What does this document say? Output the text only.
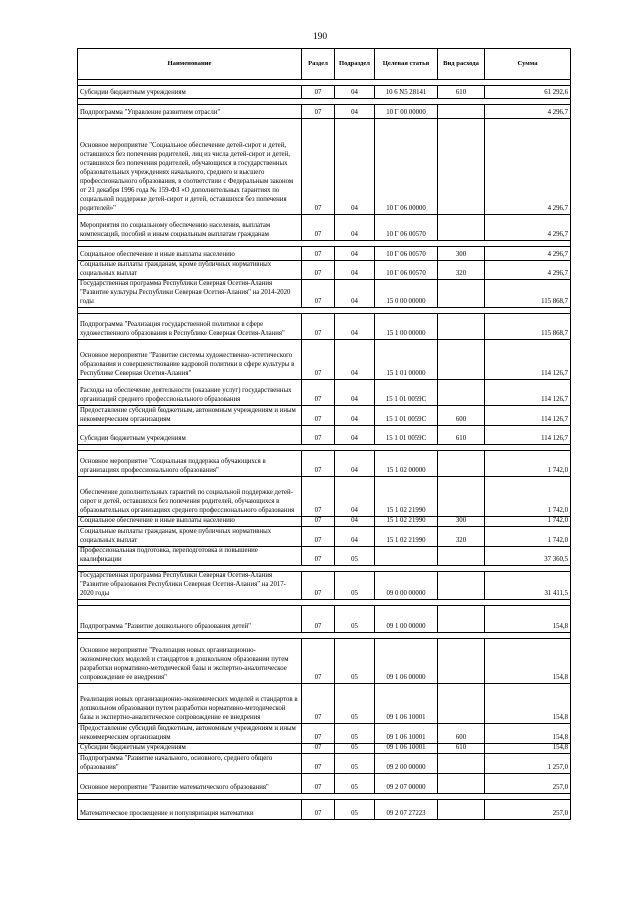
190
Наименование	Раздел	Подраздел	Целевая статья	Вид расхода	Сумма

Субсидии бюджетным учреждениям	07	04	10 6 N5 28141	610	61 292,6

Подпрограмма "Управление развитием отрасли"	07	04	10 Г 00 00000		4 296,7
Основное мероприятие "Социальное обеспечение детей-сирот и детей, оставшихся без попечения родителей, лиц из числа детей-сирот и детей, оставшихся без попечения родителей, обучающихся в государственных образовательных учреждениях начального, среднего и высшего профессионального образования, в соответствии с Федеральным законом от 21 декабря 1996 года № 159-ФЗ «О дополнительных гарантиях по социальной поддержке детей-сирот и детей, оставшихся без попечения родителей»"	07	04	10 Г 06 00000		4 296,7
Мероприятия по социальному обеспечению населения, выплатам компенсаций, пособий и иным социальным выплатам гражданам	07	04	10 Г 06 00570		4 296,7

Социальное обеспечение и иные выплаты населению	07	04	10 Г 06 00570	300	4 296,7
Социальные выплаты гражданам, кроме публичных нормативных социальных выплат	07	04	10 Г 06 00570	320	4 296,7
Государственная программа Республики Северная Осетия-Алания "Развитие культуры Республики Северная Осетия-Алания" на 2014-2020 годы	07	04	15 0 00 00000		115 868,7

Подпрограмма "Реализация государственной политики в сфере художественного образования в Республике Северная Осетия-Алания"	07	04	15 1 00 00000		115 868,7
Основное мероприятие "Развитие системы художественно-эстетического образования и совершенствование кадровой политики в сфере культуры в Республике Северная Осетия-Алания"	07	04	15 1 01 00000		114 126,7
Расходы на обеспечение деятельности (оказание услуг) государственных организаций среднего профессионального образования	07	04	15 1 01 0059С		114 126,7
Предоставление субсидий бюджетным, автономным учреждениям и иным некоммерческим организациям	07	04	15 1 01 0059С	600	114 126,7
Субсидии бюджетным учреждениям	07	04	15 1 01 0059С	610	114 126,7

Основное мероприятие "Социальная поддержка обучающихся в организациях профессионального образования"	07	04	15 1 02 00000		1 742,0
Обеспечение дополнительных гарантий по социальной поддержке детей-сирот и детей, оставшихся без попечения родителей, обучающихся в образовательных организациях среднего профессионального образования	07	04	15 1 02 21990		1 742,0
Социальное обеспечение и иные выплаты населению	07	04	15 1 02 21990	300	1 742,0
Социальные выплаты гражданам, кроме публичных нормативных социальных выплат	07	04	15 1 02 21990	320	1 742,0
Профессиональная подготовка, переподготовка и повышение квалификации	07	05			37 360,5

Государственная программа Республики Северная Осетия-Алания "Развитие образования Республики Северная Осетия-Алания" на 2017-2020 годы	07	05	09 0 00 00000		31 411,5

Подпрограмма "Развитие дошкольного образования детей"	07	05	09 1 00 00000		154,8

Основное мероприятие "Реализация новых организационно-экономических моделей и стандартов в дошкольном образовании путем разработки нормативно-методической базы и экспертно-аналитическое сопровождение ее внедрения"	07	05	09 1 06 00000		154,8
Реализация новых организационно-экономических моделей и стандартов в дошкольном образовании путем разработки нормативно-методической базы и экспертно-аналитическое сопровождение ее внедрения	07	05	09 1 06 10001		154,8
Предоставление субсидий бюджетным, автономным учреждениям и иным некоммерческим организациям	07	05	09 1 06 10001	600	154,8
Субсидии бюджетным учреждениям	07	05	09 1 06 10001	610	154,8
Подпрограмма "Развитие начального, основного, среднего общего образования"	07	05	09 2 00 00000		1 257,0
Основное мероприятие "Развитие математического образования"	07	05	09 2 07 00000		257,0

Математическое просвещение и популяризация математики	07	05	09 2 07 27223		257,0
